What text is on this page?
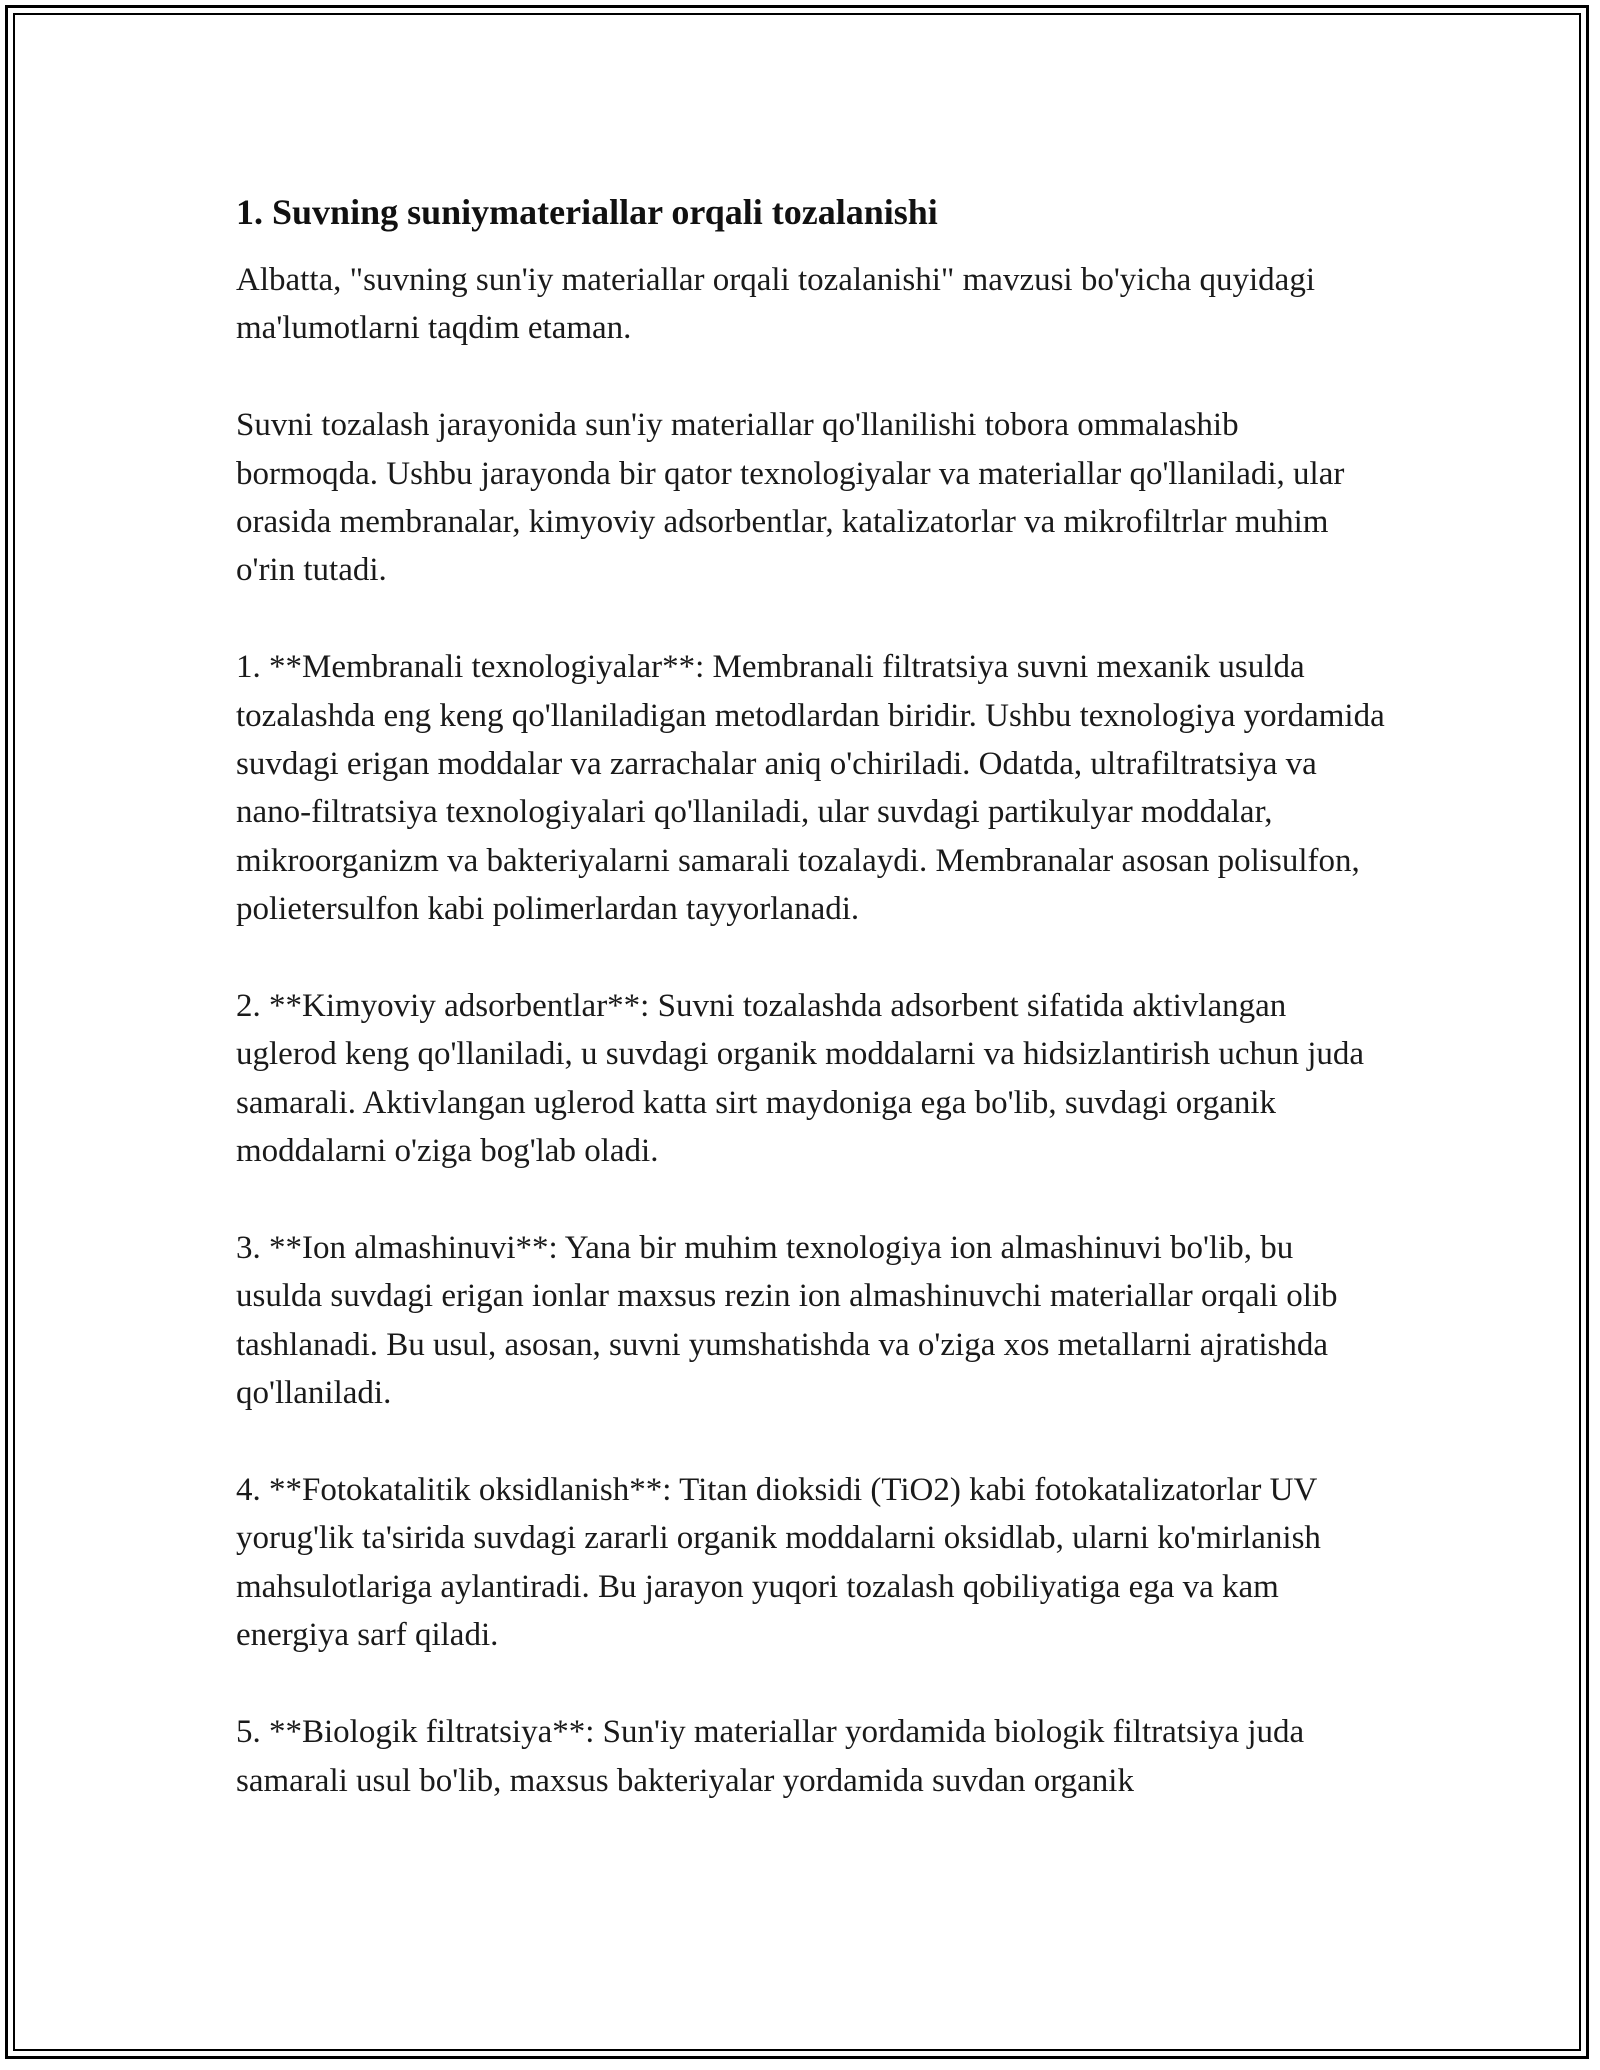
1. Suvning suniymateriallar orqali tozalanishi

Albatta, "suvning sun'iy materiallar orqali tozalanishi" mavzusi bo'yicha quyidagi ma'lumotlarni taqdim etaman.

Suvni tozalash jarayonida sun'iy materiallar qo'llanilishi tobora ommalashib bormoqda. Ushbu jarayonda bir qator texnologiyalar va materiallar qo'llaniladi, ular orasida membranalar, kimyoviy adsorbentlar, katalizatorlar va mikrofiltrlar muhim o'rin tutadi.

1. **Membranali texnologiyalar**: Membranali filtratsiya suvni mexanik usulda tozalashda eng keng qo'llaniladigan metodlardan biridir. Ushbu texnologiya yordamida suvdagi erigan moddalar va zarrachalar aniq o'chiriladi. Odatda, ultrafiltratsiya va nano-filtratsiya texnologiyalari qo'llaniladi, ular suvdagi partikulyar moddalar, mikroorganizm va bakteriyalarni samarali tozalaydi. Membranalar asosan polisulfon, polietersulfon kabi polimerlardan tayyorlanadi.

2. **Kimyoviy adsorbentlar**: Suvni tozalashda adsorbent sifatida aktivlangan uglerod keng qo'llaniladi, u suvdagi organik moddalarni va hidsizlantirish uchun juda samarali. Aktivlangan uglerod katta sirt maydoniga ega bo'lib, suvdagi organik moddalarni o'ziga bog'lab oladi.

3. **Ion almashinuvi**: Yana bir muhim texnologiya ion almashinuvi bo'lib, bu usulda suvdagi erigan ionlar maxsus rezin ion almashinuvchi materiallar orqali olib tashlanadi. Bu usul, asosan, suvni yumshatishda va o'ziga xos metallarni ajratishda qo'llaniladi.

4. **Fotokatalitik oksidlanish**: Titan dioksidi (TiO2) kabi fotokatalizatorlar UV yorug'lik ta'sirida suvdagi zararli organik moddalarni oksidlab, ularni ko'mirlanish mahsulotlariga aylantiradi. Bu jarayon yuqori tozalash qobiliyatiga ega va kam energiya sarf qiladi.

5. **Biologik filtratsiya**: Sun'iy materiallar yordamida biologik filtratsiya juda samarali usul bo'lib, maxsus bakteriyalar yordamida suvdan organik
